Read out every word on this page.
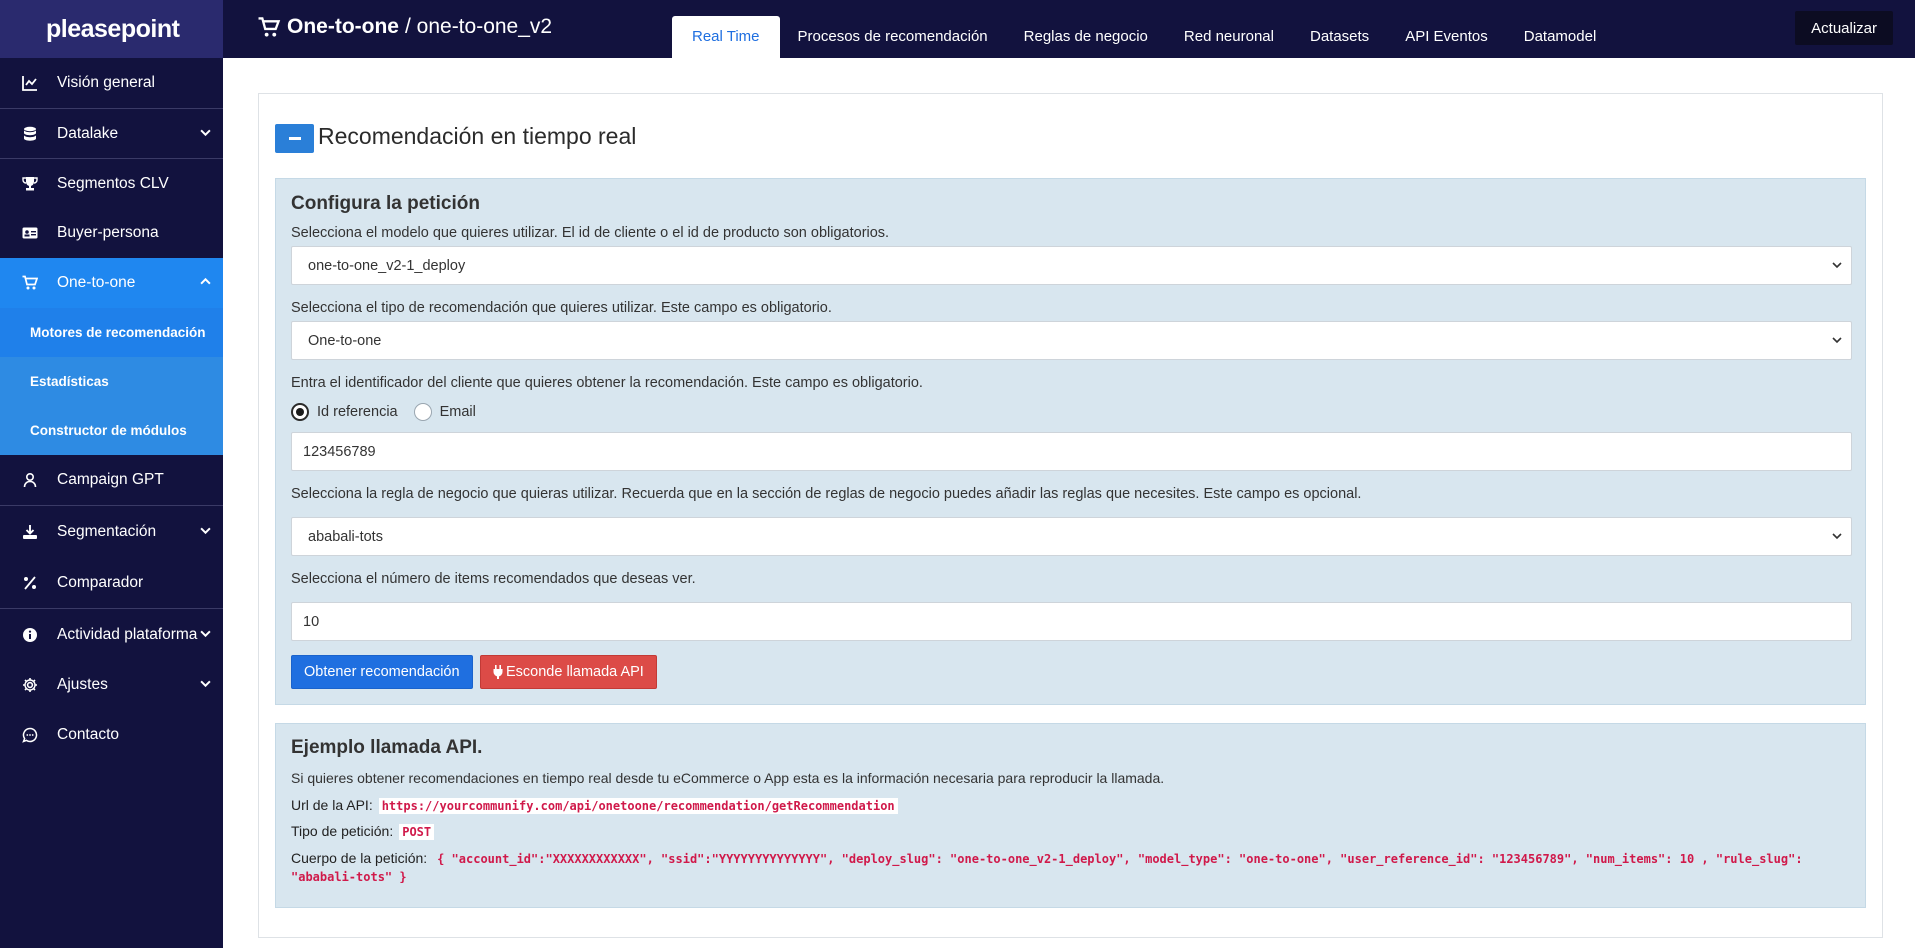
pleasepoint
Visión general
Datalake
Segmentos CLV
Buyer-persona
One-to-one
Motores de recomendación
Estadísticas
Constructor de módulos
Campaign GPT
Segmentación
Comparador
Actividad plataforma
Ajustes
Contacto
One-to-one / one-to-one_v2	Real Time	Procesos de recomendación	Reglas de negocio	Red neuronal	Datasets	API Eventos	Datamodel	Actualizar
Recomendación en tiempo real
Configura la petición
Selecciona el modelo que quieres utilizar. El id de cliente o el id de producto son obligatorios.
one-to-one_v2-1_deploy
Selecciona el tipo de recomendación que quieres utilizar. Este campo es obligatorio.
One-to-one
Entra el identificador del cliente que quieres obtener la recomendación. Este campo es obligatorio.
Id referencia	Email
123456789
Selecciona la regla de negocio que quieras utilizar. Recuerda que en la sección de reglas de negocio puedes añadir las reglas que necesites. Este campo es opcional.
ababali-tots
Selecciona el número de items recomendados que deseas ver.
10
Obtener recomendación	Esconde llamada API
Ejemplo llamada API.
Si quieres obtener recomendaciones en tiempo real desde tu eCommerce o App esta es la información necesaria para reproducir la llamada.
Url de la API: https://yourcommunify.com/api/onetoone/recommendation/getRecommendation
Tipo de petición: POST
Cuerpo de la petición: { "account_id":"XXXXXXXXXXXX", "ssid":"YYYYYYYYYYYYYY", "deploy_slug": "one-to-one_v2-1_deploy", "model_type": "one-to-one", "user_reference_id": "123456789", "num_items": 10 , "rule_slug": "ababali-tots" }
